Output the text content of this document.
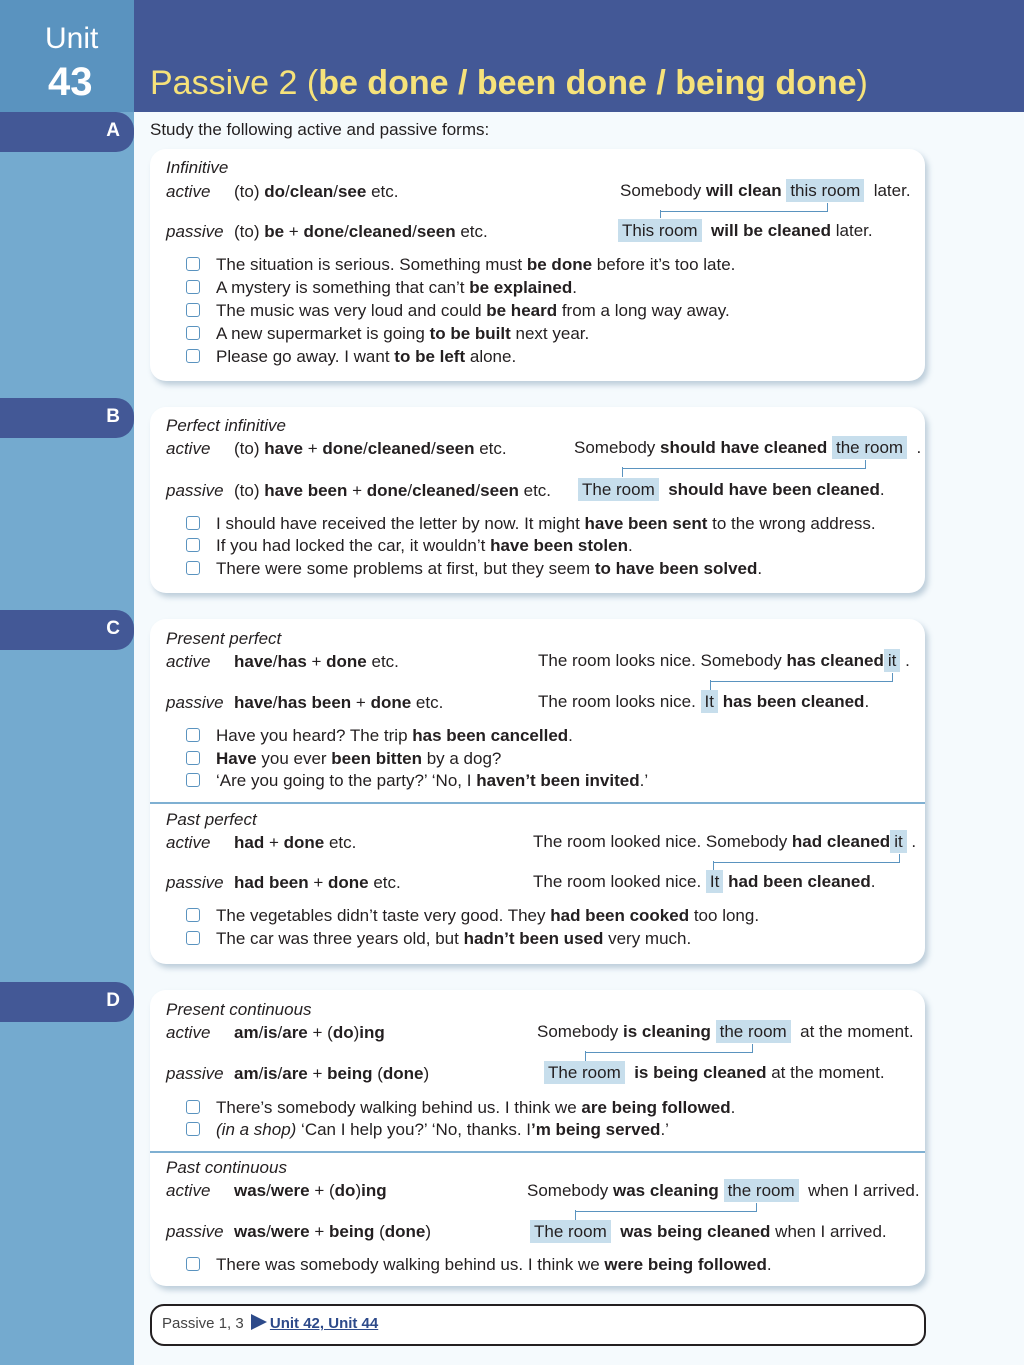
Unit
43 Passive 2 (be done / been done / being done)
A
B
C
D
Study the following active and passive forms:
Infinitive
active (to) do/clean/see etc.	Somebody will clean this room later.
passive (to) be + done/cleaned/seen etc.	This room will be cleaned later.
The situation is serious. Something must be done before it’s too late.
A mystery is something that can’t be explained.
The music was very loud and could be heard from a long way away.
A new supermarket is going to be built next year.
Please go away. I want to be left alone.
Perfect infinitive
active (to) have + done/cleaned/seen etc.	Somebody should have cleaned the room .
passive (to) have been + done/cleaned/seen etc. The room should have been cleaned.
I should have received the letter by now. It might have been sent to the wrong address.
If you had locked the car, it wouldn’t have been stolen.
There were some problems at first, but they seem to have been solved.
Present perfect
active have/has + done etc.	The room looks nice. Somebody has cleaned it .
passive have/has been + done etc.	The room looks nice. It has been cleaned.
Have you heard? The trip has been cancelled.
Have you ever been bitten by a dog?
‘Are you going to the party?’ ‘No, I haven’t been invited.’
Past perfect
active had + done etc.	The room looked nice. Somebody had cleaned it .
passive had been + done etc.	The room looked nice. It had been cleaned.
The vegetables didn’t taste very good. They had been cooked too long.
The car was three years old, but hadn’t been used very much.
Present continuous
active am/is/are + (do)ing	Somebody is cleaning the room at the moment.
passive am/is/are + being (done)	The room is being cleaned at the moment.
There’s somebody walking behind us. I think we are being followed.
(in a shop) ‘Can I help you?’ ‘No, thanks. I’m being served.’
Past continuous
active was/were + (do)ing	Somebody was cleaning the room when I arrived.
passive was/were + being (done)	The room was being cleaned when I arrived.
There was somebody walking behind us. I think we were being followed.
Passive 1, 3 Unit 42, Unit 44
